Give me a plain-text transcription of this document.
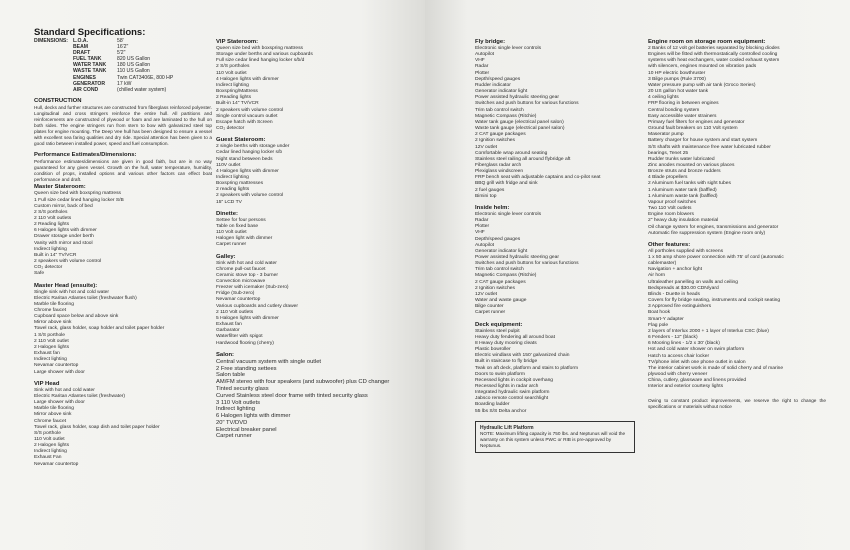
Standard Specifications:
DIMENSIONS: L.O.A.	58'
BEAM	16'2"
DRAFT	5'2"
FUEL TANK	820 US Gallon
WATER TANK	180 US Gallon
WASTE TANK	110 US Gallon
ENGINES	Twin CAT3406E, 800 HP
GENERATOR	17 kW
AIR COND	(chilled water system)
CONSTRUCTION
Hull, decks and further structures are constructed from fiberglass reinforced polyester. Longitudinal and cross stringers reinforce the entire hull. All partitions and reinforcements are constructed of plywood or foam and are laminated to the hull on both sides. The engine stringers run from stern to bow with galvanized steel top plates for engine mounting. The Deep Vee hull has been designed to ensure a vessel with excellent sea faring qualities and dry ride. Special attention has been given to a good ratio between installed power, speed and fuel consumption.
Performance Estimates/Dimensions:
Performance estimates/dimensions are given in good faith, but are in no way guaranteed for any given vessel. Growth on the hull, water temperature, humidity, condition of props, installed options and various other factors can effect boat performance and draft.
Master Stateroom:
Queen size bed with boxspring mattress
1 Full size cedar lined hanging locker S/B
Custom mirror, back of bed
2 S/S portholes
2 110 Volt outlets
2 Reading lights
6 Halogen lights with dimmer
Drawer storage under berth
Vanity with mirror and stool
Indirect lighting
Built in 14" TV/VCR
2 speakers with volume control
CO₂ detector
Safe
Master Head (ensuite):
Single sink with hot and cold water
Electric Raritan Atlantes toilet (freshwater flush)
Marble tile flooring
Chrome faucet
Cupboard space below and above sink
Mirror above sink
Towel rack, glass holder, soap holder and toilet paper holder
1 S/S porthole
2 110 Volt outlet
2 Halogen lights
Exhaust fan
Indirect lighting
Nevamar countertop
Large shower with door
VIP Head
Sink with hot and cold water
Electric Raritan Atlantes toilet (freshwater)
Large shower with door
Marble tile flooring
Mirror above sink
Chrome faucet
Towel rack, glass holder, soap dish and toilet paper holder
S/S porthole
110 Volt outlet
2 Halogen lights
Indirect lighting
Exhaust Fan
Nevamar countertop
VIP Stateroom:
Queen size bed with boxspring mattress
Storage under berths and various cupboards
Full size cedar lined hanging locker s/b/d
2 S/S portholes
110 Volt outlet
4 Halogen lights with dimmer
Indirect lighting
Boxspring/Mattress
2 Reading lights
Built-in 14" TV/VCR
2 speakers with volume control
Single control vacuum outlet
Escape hatch with Screen
CO₂ detector
Guest Stateroom:
2 single berths with storage under
Cedar lined hanging locker s/b
Night stand between beds
110V outlet
4 Halogen lights with dimmer
Indirect lighting
Boxspring mattresses
2 reading lights
2 speakers with volume control
15" LCD TV
Dinette:
Settee for four persons
Table on fixed base
110 Volt outlet
Halogen light with dimmer
Carpet runner
Galley:
Sink with hot and cold water
Chrome pull-out faucet
Ceramic stove top - 3 burner
Convection microwave
Freezer with icemaker (Sub-zero)
Fridge (Sub-zero)
Nevamar countertop
Various cupboards and cutlery drawer
2 110 Volt outlets
5 Halogen lights with dimmer
Exhaust fan
Garbarator
Waterfilter with spigot
Hardwood flooring (cherry)
Salon:
Central vacuum system with single outlet
2 Free standing settees
Salon table
AM/FM stereo with four speakers (and subwoofer) plus CD changer
Tinted security glass
Curved Stainless steel door frame with tinted security glass
3 110 Volt outlets
Indirect lighting
6 Halogen lights with dimmer
20" TV/DVD
Electrical breaker panel
Carpet runner
Fly bridge:
Electronic single lever controls
Autopilot
VHF
Radar
Plotter
Depth/speed gauges
Rudder indicator
Generator indicator light
Power assisted hydraulic steering gear
Switches and push buttons for various functions
Trim tab control switch
Magnetic Compass (Ritchie)
Water tank gauge (electrical panel salon)
Waste tank gauge (electrical panel salon)
2 CAT gauge packages
2 Ignition switches
12V outlet
Comfortable wrap around seating
Stainless steel railing all around flybridge aft
Fiberglass radar arch
Plexiglass windscreen
FRP bench seat with adjustable captains and co-pilot seat
BBQ grill with fridge and sink
2 fuel gauges
Bimini top
Inside helm:
Electronic single lever controls
Radar
Plotter
VHF
Depth/speed gauges
Autopilot
Generator indicator light
Power assisted hydraulic steering gear
Switches and push buttons for various functions
Trim tab control switch
Magnetic Compass (Ritchie)
2 CAT gauge packages
2 Ignition switches
12V outlet
Water and waste gauge
Bilge counter
Carpet runner
Deck equipment:
Stainless steel pulpit
Heavy duty fendering all around boat
8 Heavy duty mooring cleats
Plastic bowroller
Electric windlass with 150' galvanized chain
Built in staircase to fly bridge
Teak on aft deck, platform and stairs to platform
Doors to swim platform
Recessed lights in cockpit overhang
Recessed lights in radar arch
Integrated hydraulic swim platform
Jabsco remote control searchlight
Boarding ladder
55 lbs S/S Delta anchor
Hydraulic Lift Platform
NOTE: Maximum lifting capacity is 750 lbs. and Neptunus will void the warranty on this system unless PWC or RIB is pre-approved by Neptunus.
Engine room on storage room equipment:
2 Banks of 12 volt gel batteries separated by blocking diodes
Engines will be fitted with thermostatically controlled cooling
systems with heat exchangers, water cooled exhaust system
with silencers, engines mounted on vibration pads
10 HP electric bowthruster
3 Bilge pumps (Rule 3700)
Water pressure pump with air tank (Groco Series)
20 US gallon hot water tank
4 ceiling lights
FRP flooring in between engines
Central bonding system
Easy accessible water strainers
Primary fuel filters for engines and generator
Ground fault breakers on 110 Volt system
Maserator pump
Battery charger for house system and start system
S/S shafts with maintenance free water lubricated rubber
bearings, Tenet 25
Rudder trunks water lubricated
Zinc anodes mounted on various places
Bronze struts and bronze rudders
4 Blade propellers
2 Aluminum fuel tanks with sight tubes
1 Aluminum water tank (baffled)
1 Aluminum waste tank (baffled)
Vapour proof switches
Two 110 Volt outlets
Engine room blowers
2" heavy duty insulation material
Oil change system for engines, transmissions and generator
Automatic fire suppression system (Engine room only)
Other features:
All portholes supplied with screens
1 x 50 amp shore power connection with 75' of cord (automatic
cablemaster)
Navigation + anchor light
Air horn
Ultraleather panelling on walls and ceiling
Bedspreads at $30.00 CDN/yard
Blinds - Duette in heads
Covers for fly bridge seating, instruments and cockpit seating
3 Approved fire extinguishers
Boat hook
Smart-Y adapter
Flag pole
2 layers of Interlux 2000 + 1 layer of Interlux CSC (blue)
6 Fenders - 12" (black)
6 Mooring lines - 1/2 x 30' (black)
Hot and cold water shower on swim platform
Hatch to access chair locker
TV/phone inlet with one phone outlet in salon
The interior cabinet work is made of solid cherry and of marine
plywood with cherry veneer
China, cutlery, glassware and linens provided
Interior and exterior courtesy lights
Owing to constant product improvements, we reserve the right to change the specifications or materials without notice
